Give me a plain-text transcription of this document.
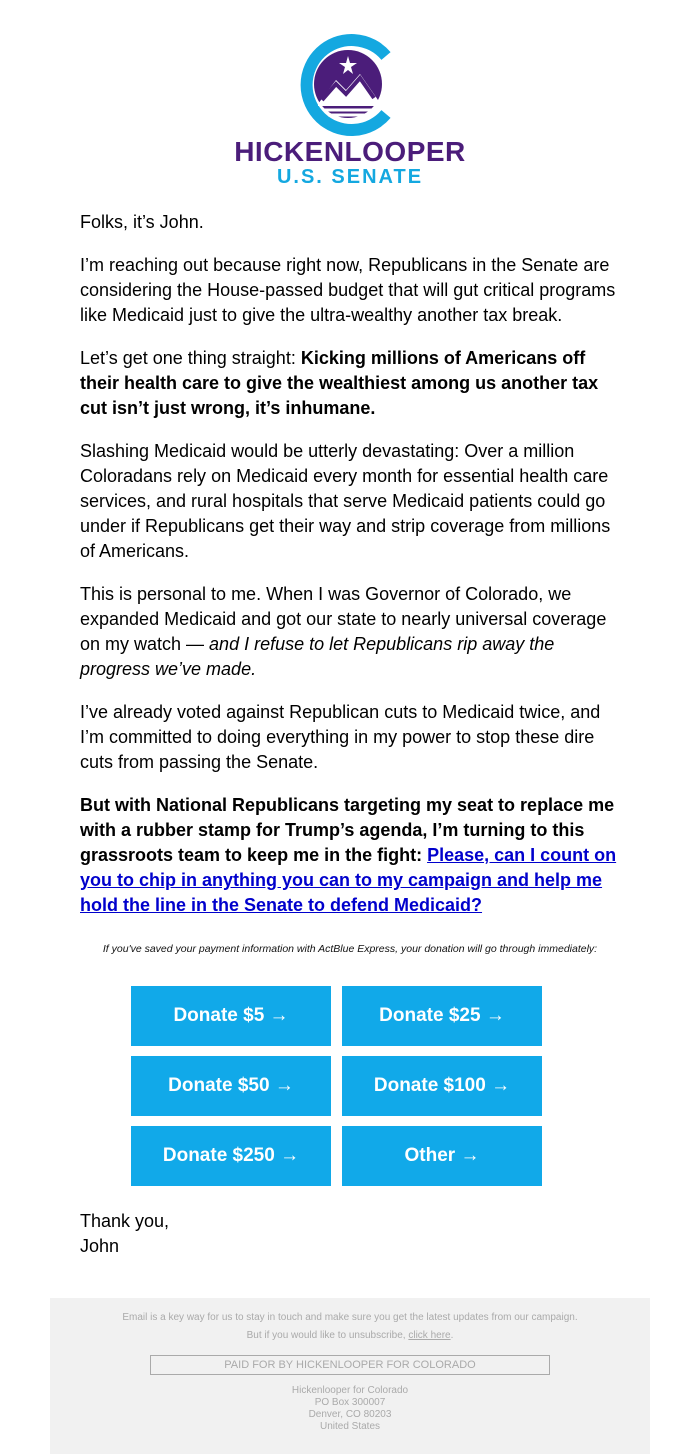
HICKENLOOPER
U.S. SENATE

Folks, it’s John.

I’m reaching out because right now, Republicans in the Senate are considering the House-passed budget that will gut critical programs like Medicaid just to give the ultra-wealthy another tax break.

Let’s get one thing straight: Kicking millions of Americans off their health care to give the wealthiest among us another tax cut isn’t just wrong, it’s inhumane.

Slashing Medicaid would be utterly devastating: Over a million Coloradans rely on Medicaid every month for essential health care services, and rural hospitals that serve Medicaid patients could go under if Republicans get their way and strip coverage from millions of Americans.

This is personal to me. When I was Governor of Colorado, we expanded Medicaid and got our state to nearly universal coverage on my watch — and I refuse to let Republicans rip away the progress we’ve made.

I’ve already voted against Republican cuts to Medicaid twice, and I’m committed to doing everything in my power to stop these dire cuts from passing the Senate.

But with National Republicans targeting my seat to replace me with a rubber stamp for Trump’s agenda, I’m turning to this grassroots team to keep me in the fight: Please, can I count on you to chip in anything you can to my campaign and help me hold the line in the Senate to defend Medicaid?

If you've saved your payment information with ActBlue Express, your donation will go through immediately:
Donate $5 →	Donate $25 →
Donate $50 →	Donate $100 →
Donate $250 →	Other →
Thank you,
John
Email is a key way for us to stay in touch and make sure you get the latest updates from our campaign.
But if you would like to unsubscribe, click here.
PAID FOR BY HICKENLOOPER FOR COLORADO
Hickenlooper for Colorado
PO Box 300007
Denver, CO 80203
United States
